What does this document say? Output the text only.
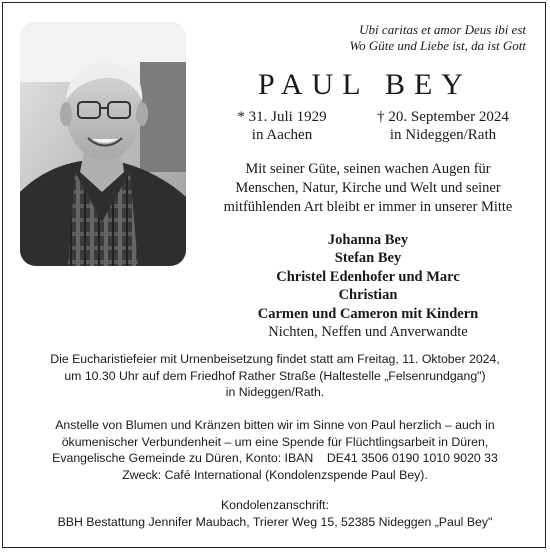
Ubi caritas et amor Deus ibi est
Wo Güte und Liebe ist, da ist Gott
PAUL BEY
* 31. Juli 1929
in Aachen
† 20. September 2024
in Nideggen/Rath
Mit seiner Güte, seinen wachen Augen für
Menschen, Natur, Kirche und Welt und seiner
mitfühlenden Art bleibt er immer in unserer Mitte
Johanna Bey
Stefan Bey
Christel Edenhofer und Marc
Christian
Carmen und Cameron mit Kindern
Nichten, Neffen und Anverwandte
Die Eucharistiefeier mit Urnenbeisetzung findet statt am Freitag, 11. Oktober 2024,
um 10.30 Uhr auf dem Friedhof Rather Straße (Haltestelle „Felsenrundgang")
in Nideggen/Rath.
Anstelle von Blumen und Kränzen bitten wir im Sinne von Paul herzlich – auch in
ökumenischer Verbundenheit – um eine Spende für Flüchtlingsarbeit in Düren,
Evangelische Gemeinde zu Düren, Konto: IBAN    DE41 3506 0190 1010 9020 33
Zweck: Café International (Kondolenzspende Paul Bey).
Kondolenzanschrift:
BBH Bestattung Jennifer Maubach, Trierer Weg 15, 52385 Nideggen „Paul Bey"
